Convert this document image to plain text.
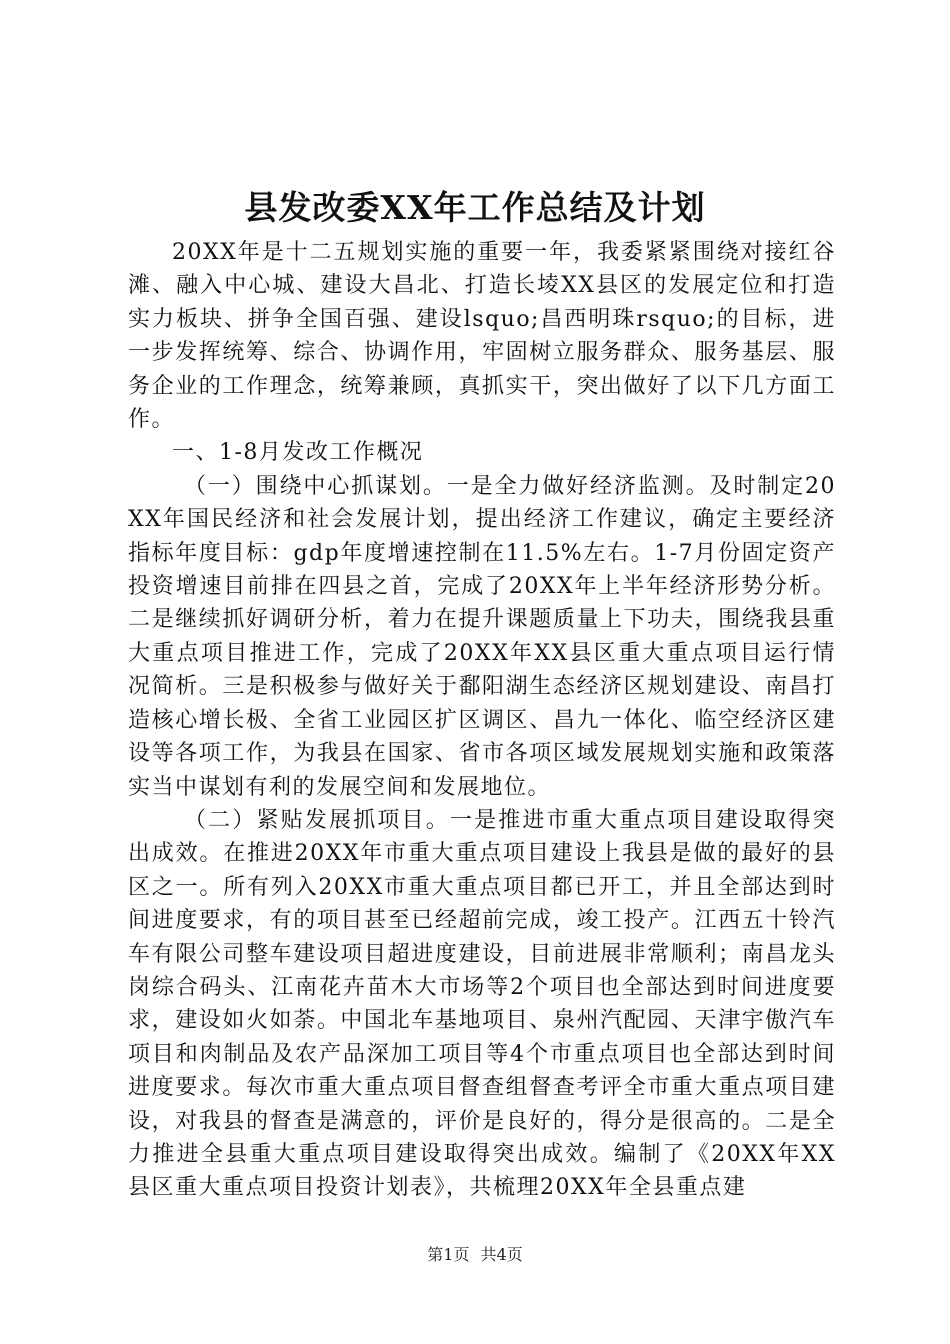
县发改委XX年工作总结及计划

20XX年是十二五规划实施的重要一年，我委紧紧围绕对接红谷滩、融入中心城、建设大昌北、打造长堎XX县区的发展定位和打造实力板块、拼争全国百强、建设lsquo;昌西明珠rsquo;的目标，进一步发挥统筹、综合、协调作用，牢固树立服务群众、服务基层、服务企业的工作理念，统筹兼顾，真抓实干，突出做好了以下几方面工作。

一、1-8月发改工作概况

（一）围绕中心抓谋划。一是全力做好经济监测。及时制定20XX年国民经济和社会发展计划，提出经济工作建议，确定主要经济指标年度目标：gdp年度增速控制在11.5%左右。1-7月份固定资产投资增速目前排在四县之首，完成了20XX年上半年经济形势分析。二是继续抓好调研分析，着力在提升课题质量上下功夫，围绕我县重大重点项目推进工作，完成了20XX年XX县区重大重点项目运行情况简析。三是积极参与做好关于鄱阳湖生态经济区规划建设、南昌打造核心增长极、全省工业园区扩区调区、昌九一体化、临空经济区建设等各项工作，为我县在国家、省市各项区域发展规划实施和政策落实当中谋划有利的发展空间和发展地位。

（二）紧贴发展抓项目。一是推进市重大重点项目建设取得突出成效。在推进20XX年市重大重点项目建设上我县是做的最好的县区之一。所有列入20XX市重大重点项目都已开工，并且全部达到时间进度要求，有的项目甚至已经超前完成，竣工投产。江西五十铃汽车有限公司整车建设项目超进度建设，目前进展非常顺利；南昌龙头岗综合码头、江南花卉苗木大市场等2个项目也全部达到时间进度要求，建设如火如荼。中国北车基地项目、泉州汽配园、天津宇傲汽车项目和肉制品及农产品深加工项目等4个市重点项目也全部达到时间进度要求。每次市重大重点项目督查组督查考评全市重大重点项目建设，对我县的督查是满意的，评价是良好的，得分是很高的。二是全力推进全县重大重点项目建设取得突出成效。编制了《20XX年XX县区重大重点项目投资计划表》，共梳理20XX年全县重点建

第1页 共4页
